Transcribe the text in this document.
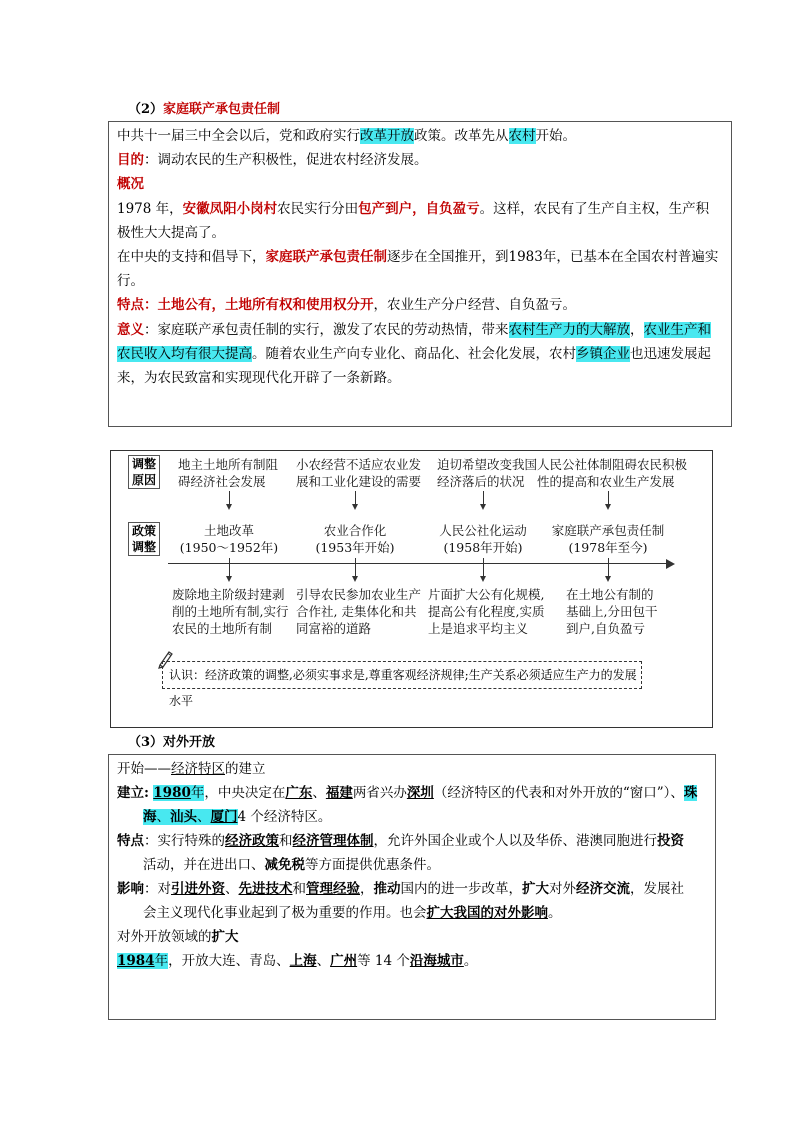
（2）家庭联产承包责任制

中共十一届三中全会以后，党和政府实行改革开放政策。改革先从农村开始。

目的：调动农民的生产积极性，促进农村经济发展。

概况

1978 年，安徽凤阳小岗村农民实行分田包产到户，自负盈亏。这样，农民有了生产自主权，生产积
极性大大提高了。

在中央的支持和倡导下，家庭联产承包责任制逐步在全国推开，到1983年，已基本在全国农村普遍实
行。

特点：土地公有，土地所有权和使用权分开，农业生产分户经营、自负盈亏。

意义：家庭联产承包责任制的实行，激发了农民的劳动热情，带来农村生产力的大解放，农业生产和
农民收入均有很大提高。随着农业生产向专业化、商品化、社会化发展，农村乡镇企业也迅速发展起
来，为农民致富和实现现代化开辟了一条新路。

调整
原因
政策
调整
地主土地所有制阻
碍经济社会发展
小农经营不适应农业发
展和工业化建设的需要
迫切希望改变我国
经济落后的状况
人民公社体制阻碍农民积极
性的提高和农业生产发展
土地改革
(1950～1952年)
农业合作化
(1953年开始)
人民公社化运动
(1958年开始)
家庭联产承包责任制
(1978年至今)
废除地主阶级封建剥
削的土地所有制,实行
农民的土地所有制
引导农民参加农业生产
合作社, 走集体化和共
同富裕的道路
片面扩大公有化规模,
提高公有化程度,实质
上是追求平均主义
在土地公有制的
基础上,分田包干
到户,自负盈亏
认识：经济政策的调整,必须实事求是,尊重客观经济规律;生产关系必须适应生产力的发展水平
（3）对外开放

开始——经济特区的建立

建立: 1980年，中央决定在广东、福建两省兴办深圳（经济特区的代表和对外开放的“窗口”）、珠
海、汕头、厦门4 个经济特区。

特点：实行特殊的经济政策和经济管理体制，允许外国企业或个人以及华侨、港澳同胞进行投资
活动，并在进出口、减免税等方面提供优惠条件。

影响：对引进外资、先进技术和管理经验，推动国内的进一步改革，扩大对外经济交流，发展社
会主义现代化事业起到了极为重要的作用。也会扩大我国的对外影响。

对外开放领域的扩大

1984年，开放大连、青岛、上海、广州等 14 个沿海城市。
